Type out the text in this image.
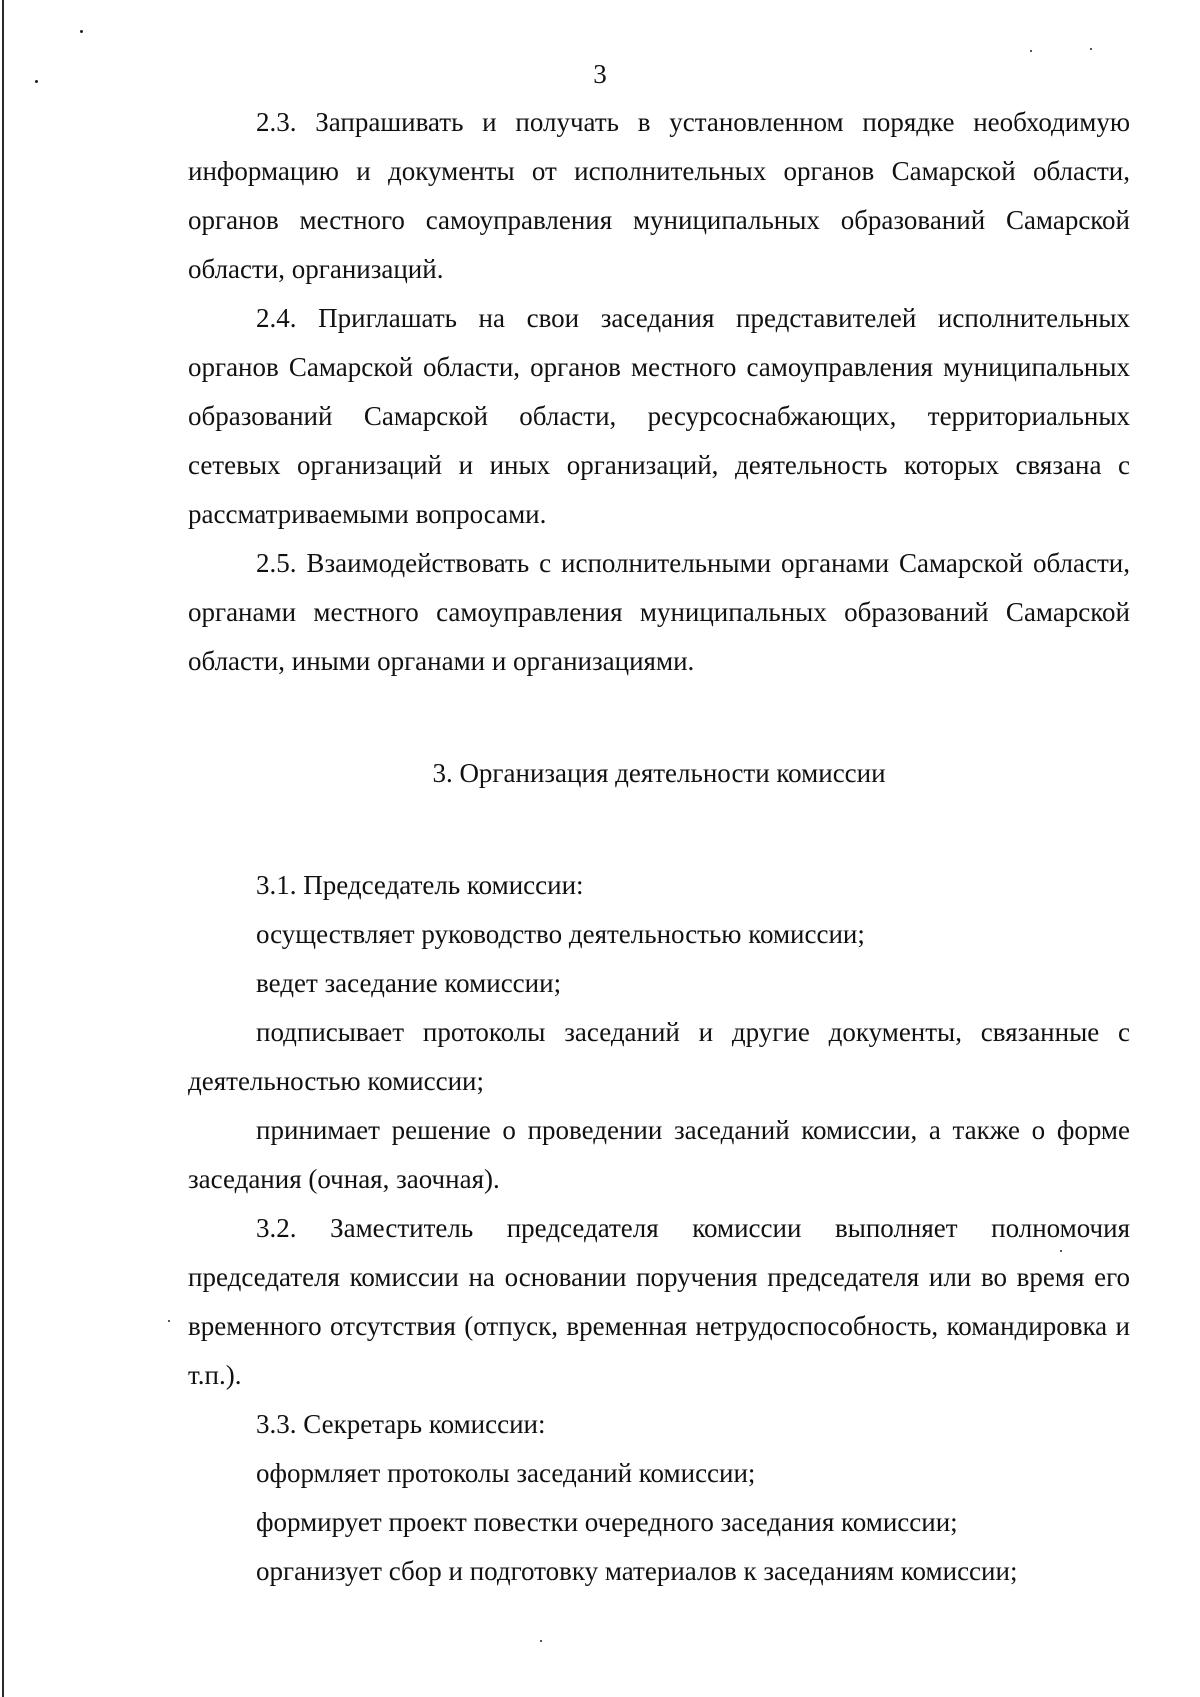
3

2.3. Запрашивать и получать в установленном порядке необходимую информацию и документы от исполнительных органов Самарской области, органов местного самоуправления муниципальных образований Самарской области, организаций.

2.4. Приглашать на свои заседания представителей исполнительных органов Самарской области, органов местного самоуправления муниципальных образований Самарской области, ресурсоснабжающих, территориальных сетевых организаций и иных организаций, деятельность которых связана с рассматриваемыми вопросами.

2.5. Взаимодействовать с исполнительными органами Самарской области, органами местного самоуправления муниципальных образований Самарской области, иными органами и организациями.

3. Организация деятельности комиссии

3.1. Председатель комиссии:

осуществляет руководство деятельностью комиссии;

ведет заседание комиссии;

подписывает протоколы заседаний и другие документы, связанные с деятельностью комиссии;

принимает решение о проведении заседаний комиссии, а также о форме заседания (очная, заочная).

3.2. Заместитель председателя комиссии выполняет полномочия председателя комиссии на основании поручения председателя или во время его временного отсутствия (отпуск, временная нетрудоспособность, командировка и т.п.).

3.3. Секретарь комиссии:

оформляет протоколы заседаний комиссии;

формирует проект повестки очередного заседания комиссии;

организует сбор и подготовку материалов к заседаниям комиссии;
